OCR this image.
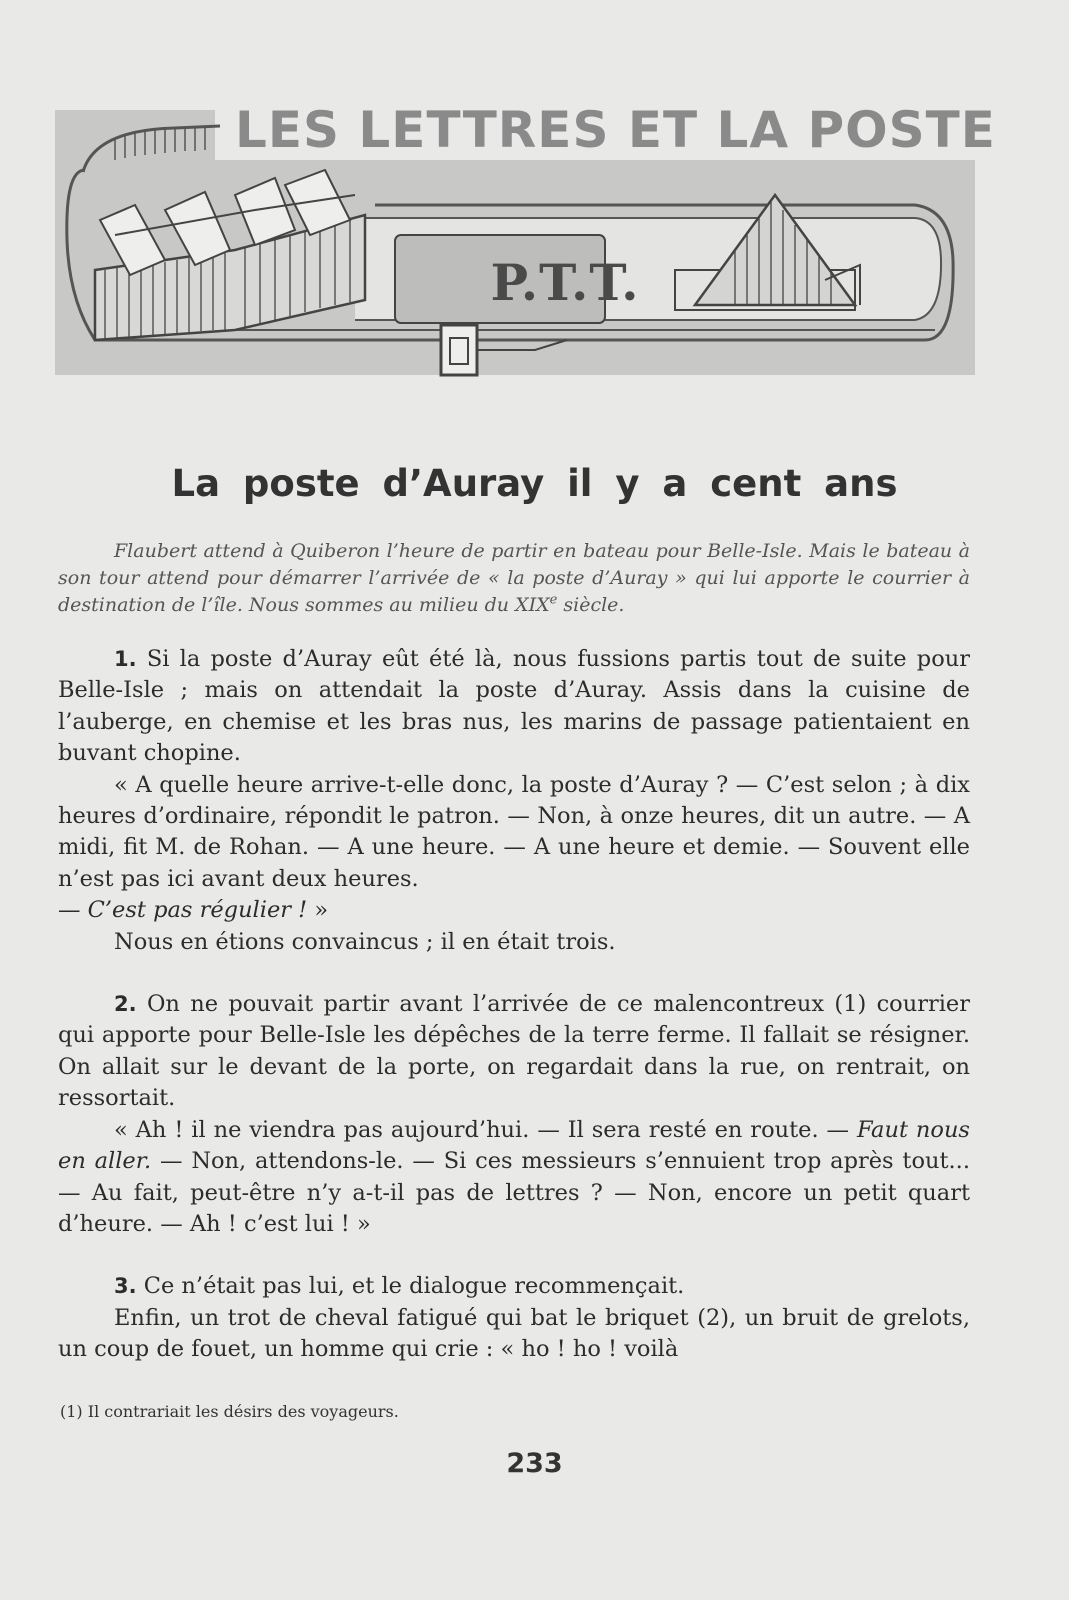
LES LETTRES ET LA POSTE
P.T.T.
La poste d’Auray il y a cent ans

Flaubert attend à Quiberon l’heure de partir en bateau pour Belle-Isle. Mais le bateau à son tour attend pour démarrer l’arrivée de « la poste d’Auray » qui lui apporte le courrier à destination de l’île. Nous sommes au milieu du XIXe siècle.

1. Si la poste d’Auray eût été là, nous fussions partis tout de suite pour Belle-Isle ; mais on attendait la poste d’Auray. Assis dans la cuisine de l’auberge, en chemise et les bras nus, les marins de passage patientaient en buvant chopine.

« A quelle heure arrive-t-elle donc, la poste d’Auray ? — C’est selon ; à dix heures d’ordinaire, répondit le patron. — Non, à onze heures, dit un autre. — A midi, fit M. de Rohan. — A une heure. — A une heure et demie. — Souvent elle n’est pas ici avant deux heures.

— C’est pas régulier ! »

Nous en étions convaincus ; il en était trois.

2. On ne pouvait partir avant l’arrivée de ce malencontreux (1) courrier qui apporte pour Belle-Isle les dépêches de la terre ferme. Il fallait se résigner. On allait sur le devant de la porte, on regardait dans la rue, on rentrait, on ressortait.

« Ah ! il ne viendra pas aujourd’hui. — Il sera resté en route. — Faut nous en aller. — Non, attendons-le. — Si ces messieurs s’ennuient trop après tout... — Au fait, peut-être n’y a-t-il pas de lettres ? — Non, encore un petit quart d’heure. — Ah ! c’est lui ! »

3. Ce n’était pas lui, et le dialogue recommençait.

Enfin, un trot de cheval fatigué qui bat le briquet (2), un bruit de grelots, un coup de fouet, un homme qui crie : « ho ! ho ! voilà

(1) Il contrariait les désirs des voyageurs.
233
